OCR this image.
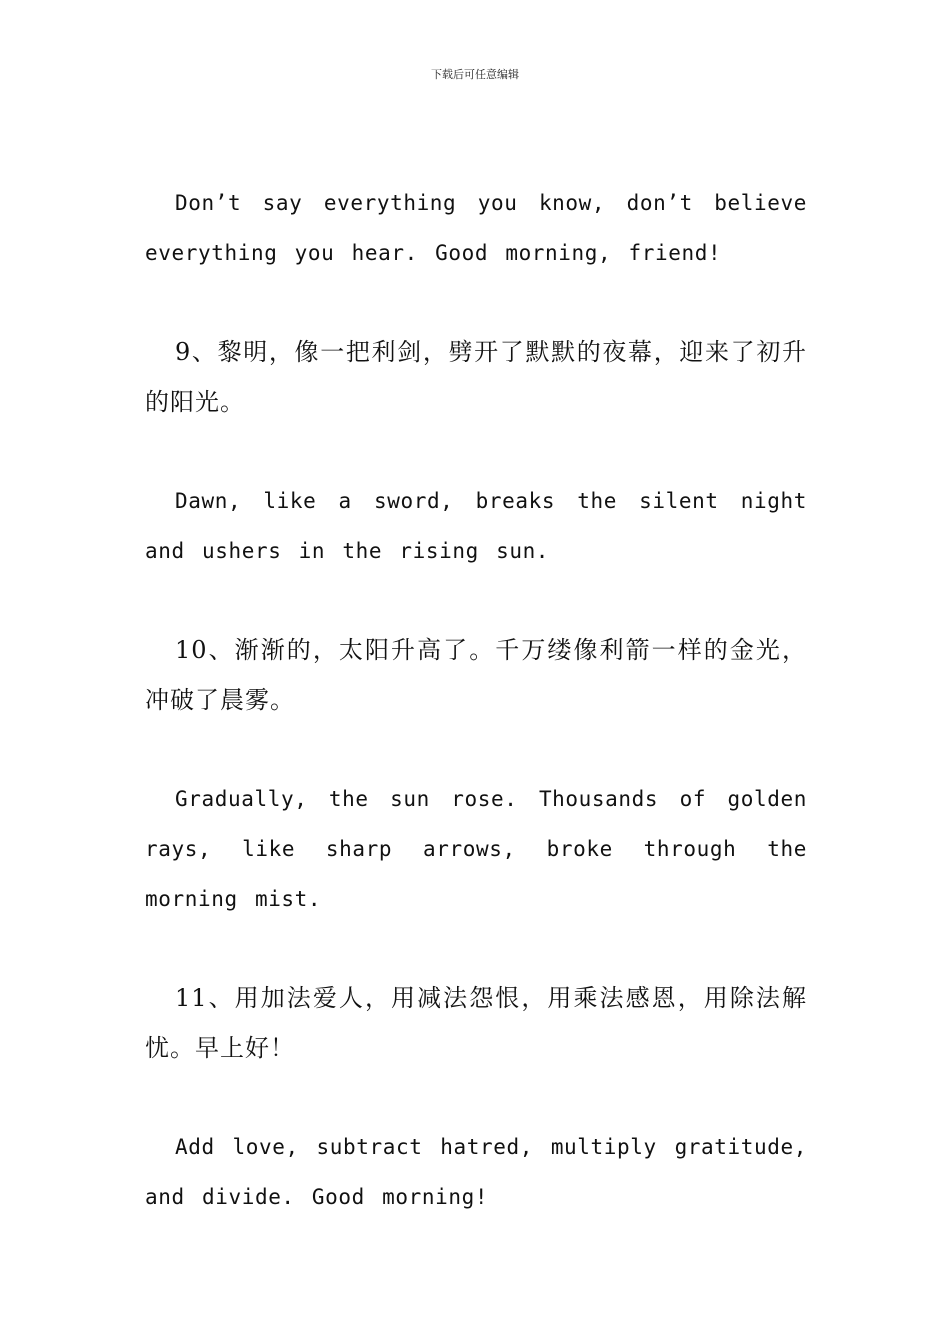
下载后可任意编辑

Don’t say everything you know, don’t believe everything you hear. Good morning, friend!

9、黎明，像一把利剑，劈开了默默的夜幕，迎来了初升的阳光。

Dawn, like a sword, breaks the silent night and ushers in the rising sun.

10、渐渐的，太阳升高了。千万缕像利箭一样的金光，冲破了晨雾。

Gradually, the sun rose. Thousands of golden rays, like sharp arrows, broke through the morning mist.

11、用加法爱人，用减法怨恨，用乘法感恩，用除法解忧。早上好！

Add love, subtract hatred, multiply gratitude, and divide. Good morning!
